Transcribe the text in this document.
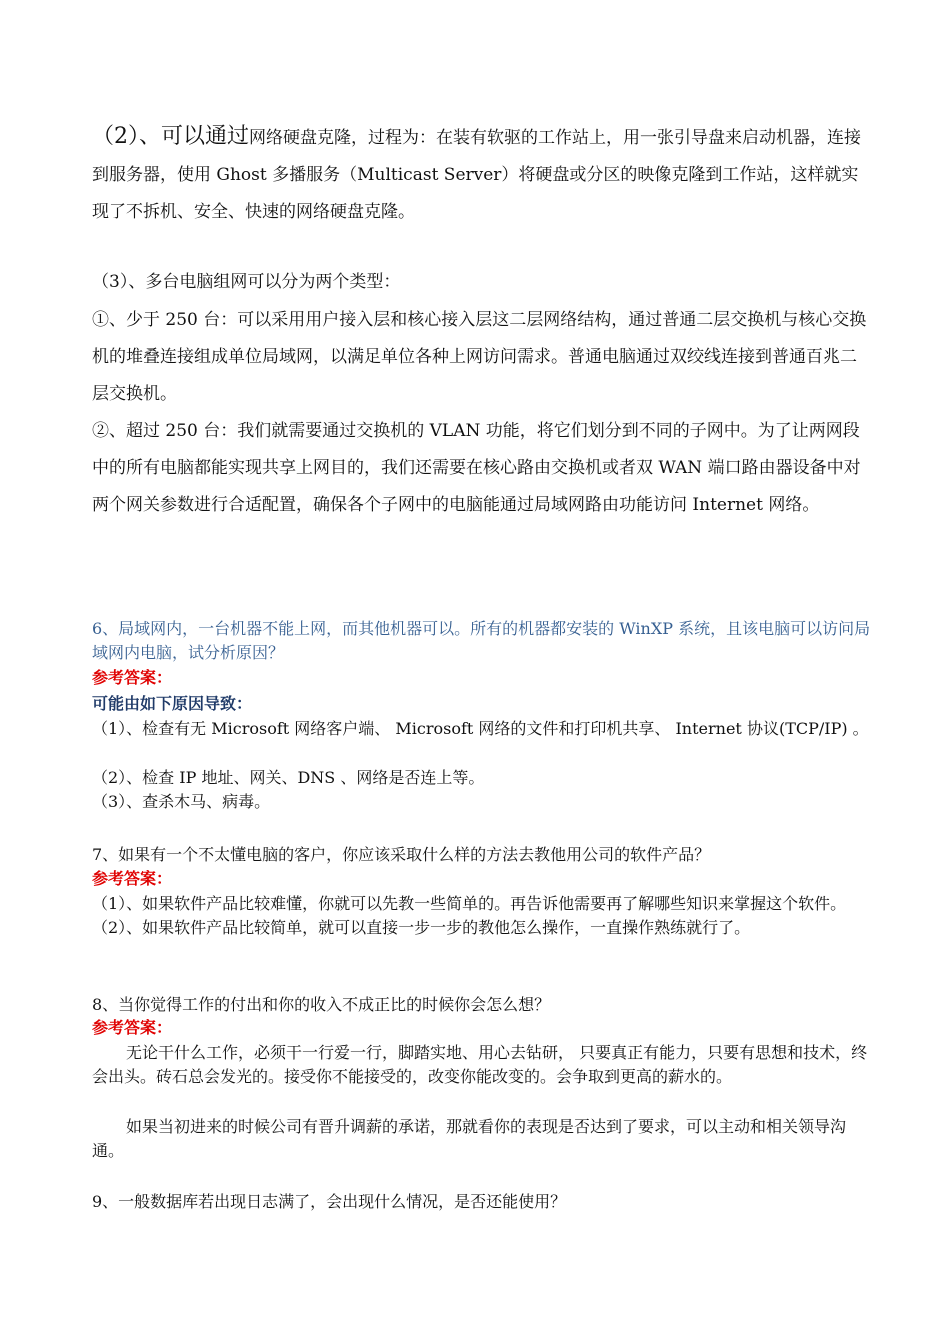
（2）、可以通过网络硬盘克隆，过程为：在装有软驱的工作站上，用一张引导盘来启动机器，连接到服务器，使用 Ghost 多播服务（Multicast Server）将硬盘或分区的映像克隆到工作站，这样就实现了不拆机、安全、快速的网络硬盘克隆。

（3）、多台电脑组网可以分为两个类型：

①、少于 250 台：可以采用用户接入层和核心接入层这二层网络结构，通过普通二层交换机与核心交换机的堆叠连接组成单位局域网，以满足单位各种上网访问需求。普通电脑通过双绞线连接到普通百兆二层交换机。

②、超过 250 台：我们就需要通过交换机的 VLAN 功能，将它们划分到不同的子网中。为了让两网段中的所有电脑都能实现共享上网目的，我们还需要在核心路由交换机或者双 WAN 端口路由器设备中对两个网关参数进行合适配置，确保各个子网中的电脑能通过局域网路由功能访问 Internet 网络。

6、局域网内，一台机器不能上网，而其他机器可以。所有的机器都安装的 WinXP 系统，且该电脑可以访问局域网内电脑，试分析原因？

参考答案：

可能由如下原因导致：

（1）、检查有无 Microsoft 网络客户端、 Microsoft 网络的文件和打印机共享、 Internet 协议(TCP/IP) 。

（2）、检查 IP 地址、网关、DNS 、网络是否连上等。

（3）、查杀木马、病毒。

7、如果有一个不太懂电脑的客户，你应该采取什么样的方法去教他用公司的软件产品？

参考答案：

（1）、如果软件产品比较难懂，你就可以先教一些简单的。再告诉他需要再了解哪些知识来掌握这个软件。（2）、如果软件产品比较简单，就可以直接一步一步的教他怎么操作，一直操作熟练就行了。

8、当你觉得工作的付出和你的收入不成正比的时候你会怎么想？

参考答案：

无论干什么工作，必须干一行爱一行，脚踏实地、用心去钻研， 只要真正有能力，只要有思想和技术，终会出头。砖石总会发光的。接受你不能接受的，改变你能改变的。会争取到更高的薪水的。

如果当初进来的时候公司有晋升调薪的承诺，那就看你的表现是否达到了要求，可以主动和相关领导沟通。

9、一般数据库若出现日志满了，会出现什么情况，是否还能使用？
